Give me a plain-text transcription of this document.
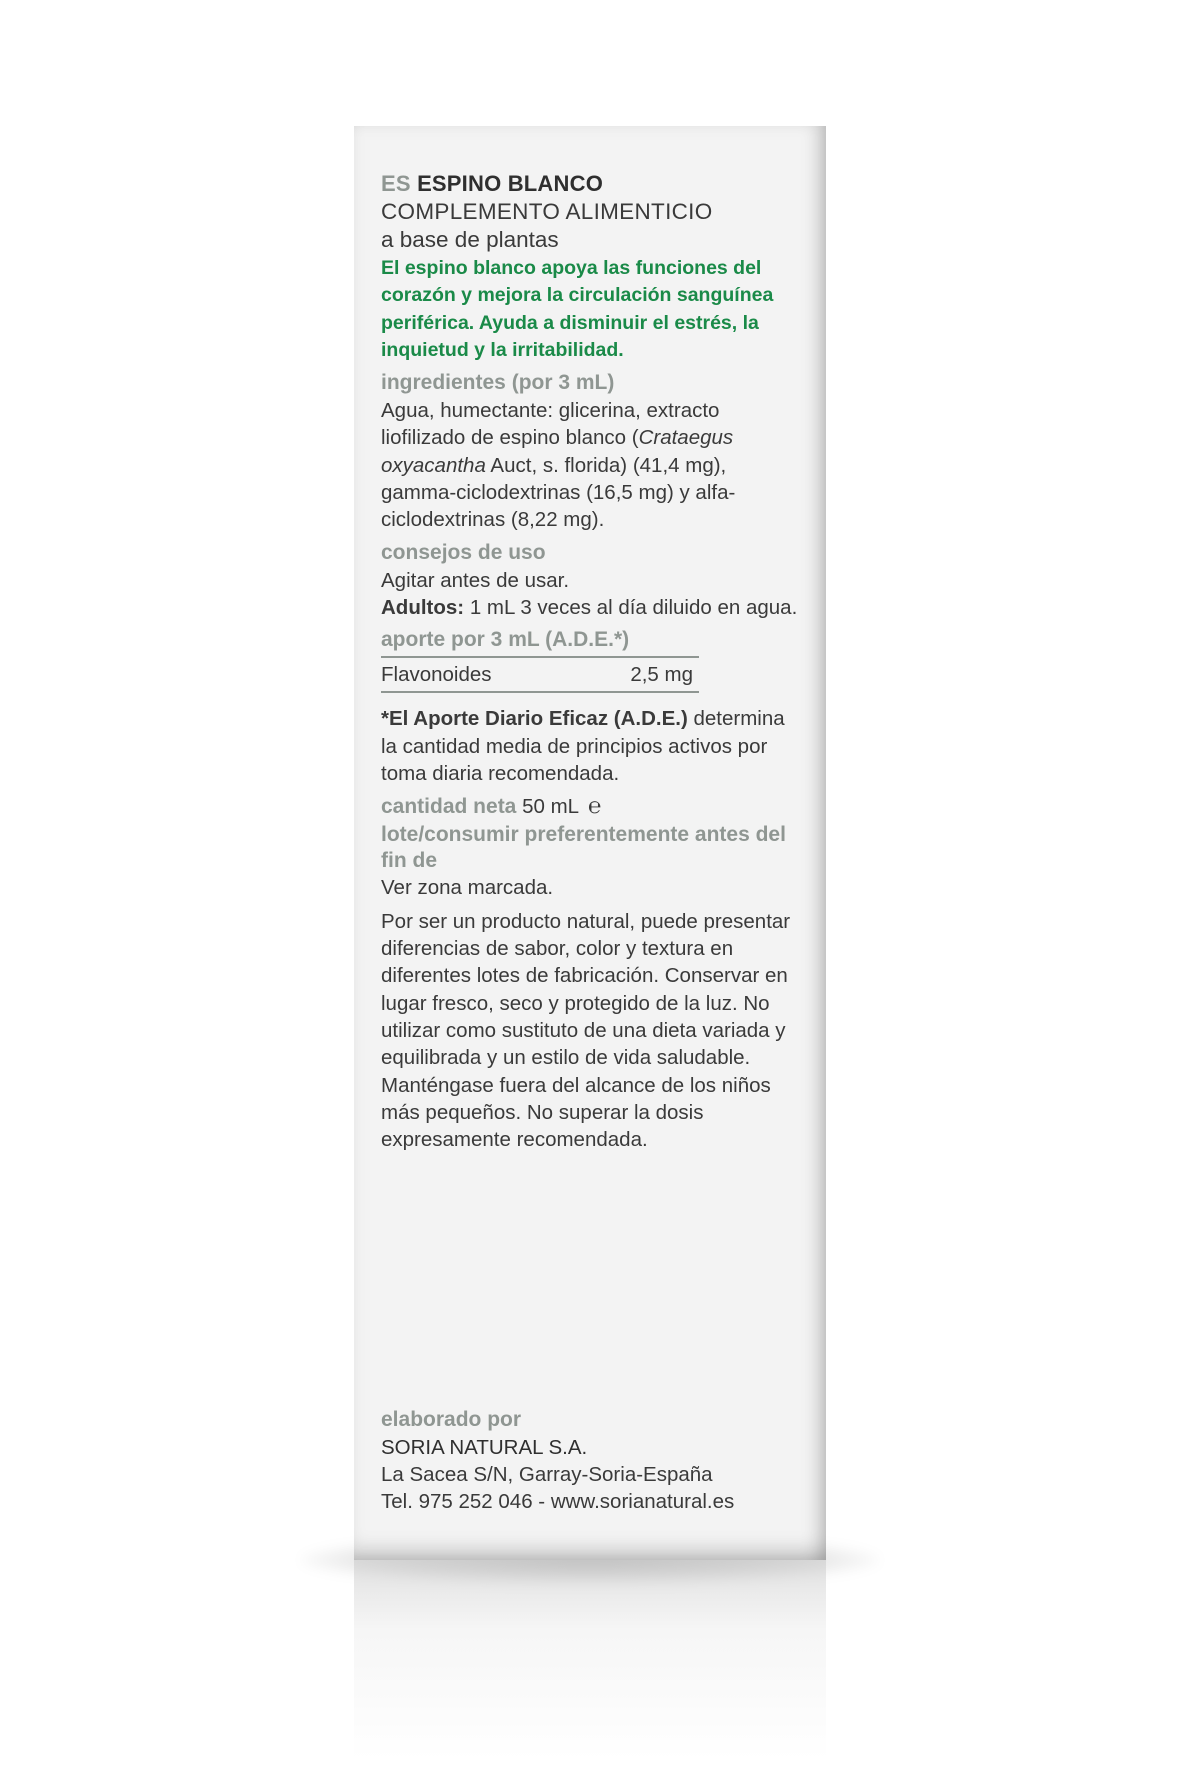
ES ESPINO BLANCO
COMPLEMENTO ALIMENTICIO
a base de plantas
El espino blanco apoya las funciones del corazón y mejora la circulación sanguínea periférica. Ayuda a disminuir el estrés, la inquietud y la irritabilidad.
ingredientes (por 3 mL)

Agua, humectante: glicerina, extracto liofilizado de espino blanco (Crataegus oxyacantha Auct, s. florida) (41,4 mg), gamma-ciclodextrinas (16,5 mg) y alfa-ciclodextrinas (8,22 mg).

consejos de uso

Agitar antes de usar.

Adultos: 1 mL 3 veces al día diluido en agua.

aporte por 3 mL (A.D.E.*)
Flavonoides	2,5 mg

*El Aporte Diario Eficaz (A.D.E.) determina la cantidad media de principios activos por toma diaria recomendada.

cantidad neta 50 mL ℮
lote/consumir preferentemente antes del fin de

Ver zona marcada.

Por ser un producto natural, puede presentar diferencias de sabor, color y textura en diferentes lotes de fabricación. Conservar en lugar fresco, seco y protegido de la luz. No utilizar como sustituto de una dieta variada y equilibrada y un estilo de vida saludable. Manténgase fuera del alcance de los niños más pequeños. No superar la dosis expresamente recomendada.

elaborado por
SORIA NATURAL S.A.
La Sacea S/N, Garray-Soria-España
Tel. 975 252 046 - www.sorianatural.es
